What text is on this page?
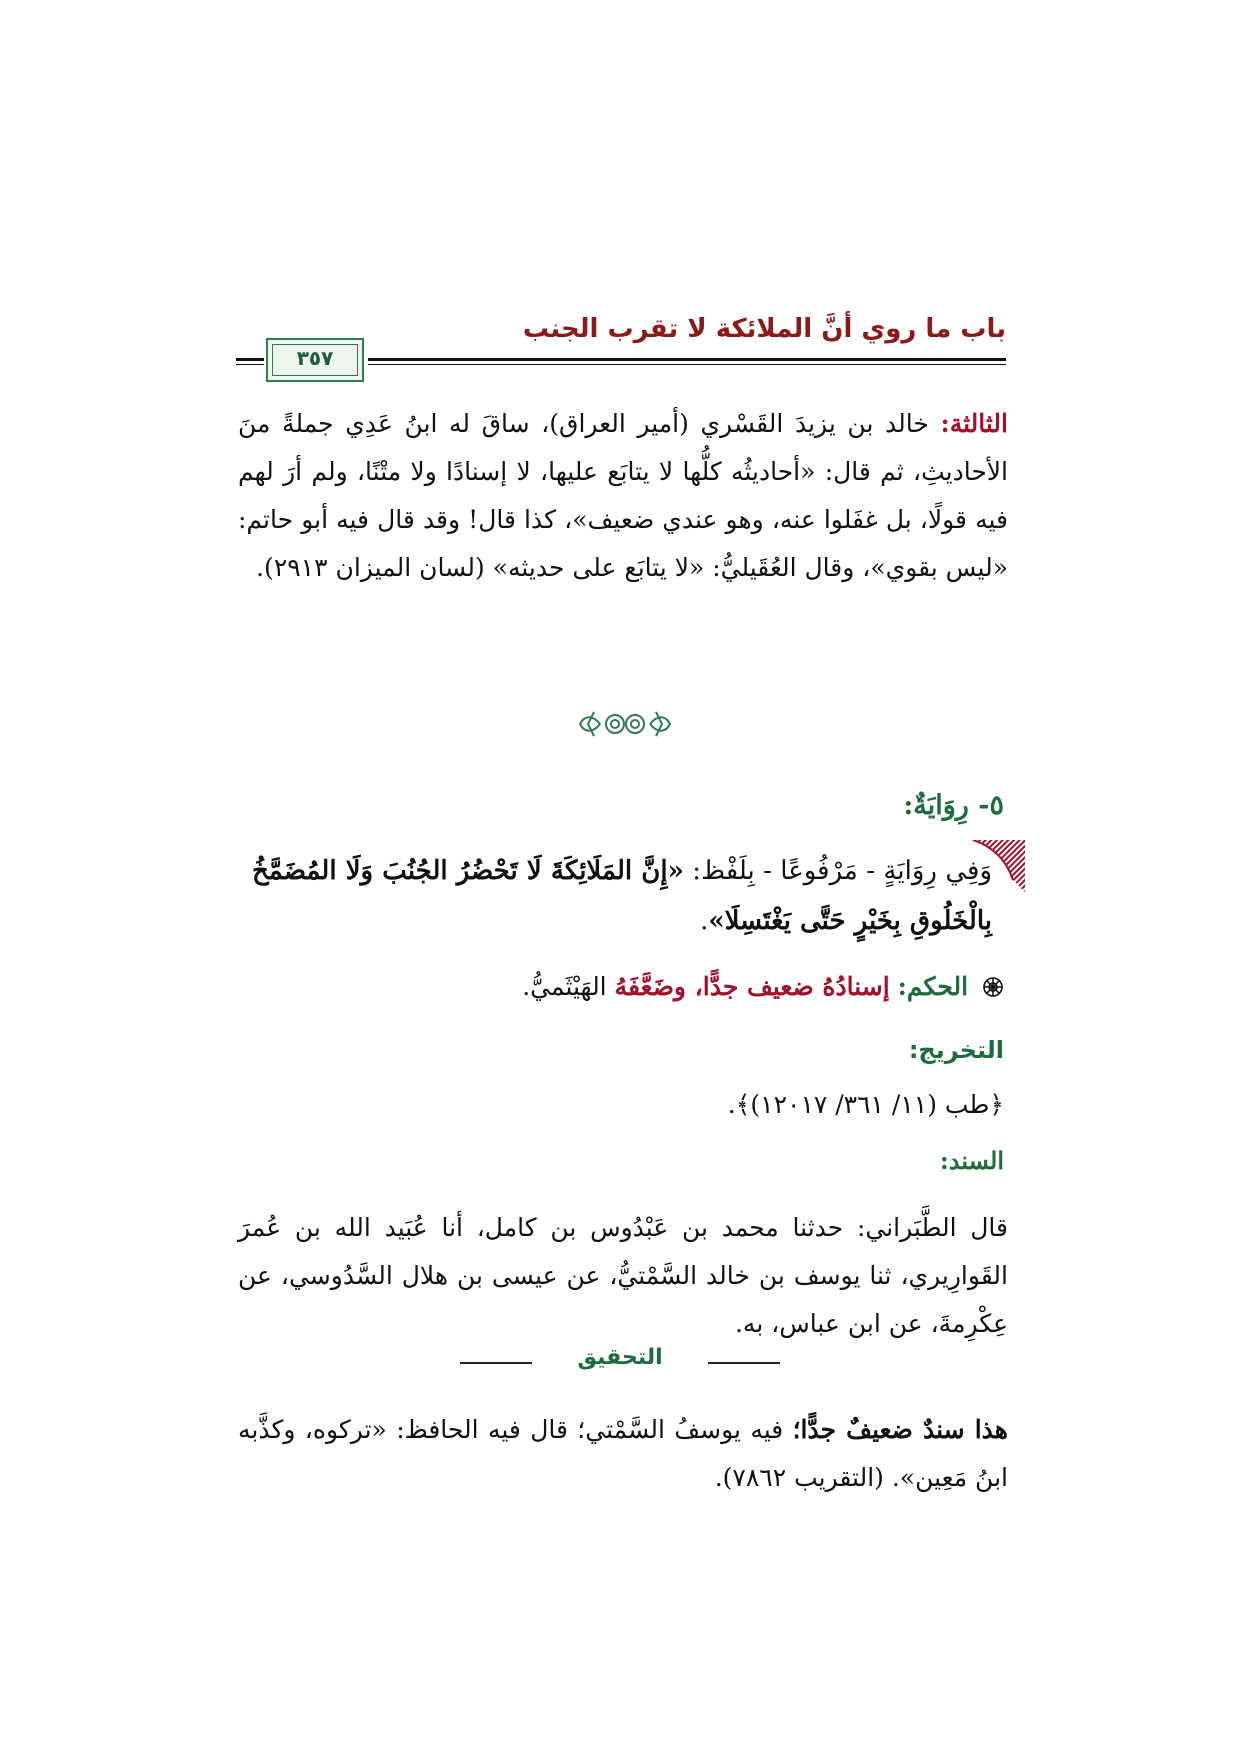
باب ما روي أنَّ الملائكة لا تقرب الجنب
٣٥٧
الثالثة: خالد بن يزيدَ القَسْري (أمير العراق)، ساقَ له ابنُ عَدِي جملةً منَ الأحاديثِ، ثم قال: «أحاديثُه كلُّها لا يتابَع عليها، لا إسنادًا ولا متْنًا، ولم أرَ لهم فيه قولًا، بل غفَلوا عنه، وهو عندي ضعيف»، كذا قال! وقد قال فيه أبو حاتم: «ليس بقوي»، وقال العُقَيليُّ: «لا يتابَع على حديثه» (لسان الميزان ٢٩١٣).
٥- رِوَايَةٌ:
وَفِي رِوَايَةٍ - مَرْفُوعًا - بِلَفْظ: «إِنَّ المَلَائِكَةَ لَا تَحْضُرُ الجُنُبَ وَلَا المُضَمَّخُ بِالْخَلُوقِ بِخَيْرٍ حَتَّى يَغْتَسِلَا».
الحكم: إسنادُهُ ضعيف جدًّا، وضَعَّفَهُ الهَيْثَميُّ.
التخريج:
﴿طب (١١/ ٣٦١/ ١٢٠١٧)﴾.
السند:
قال الطَّبَراني: حدثنا محمد بن عَبْدُوس بن كامل، أنا عُبَيد الله بن عُمرَ القَوارِيري، ثنا يوسف بن خالد السَّمْتيُّ، عن عيسى بن هلال السَّدُوسي، عن عِكْرِمةَ، عن ابن عباس، به.
التحقيق
هذا سندٌ ضعيفٌ جدًّا؛ فيه يوسفُ السَّمْتي؛ قال فيه الحافظ: «تركوه، وكذَّبه ابنُ مَعِين». (التقريب ٧٨٦٢).
